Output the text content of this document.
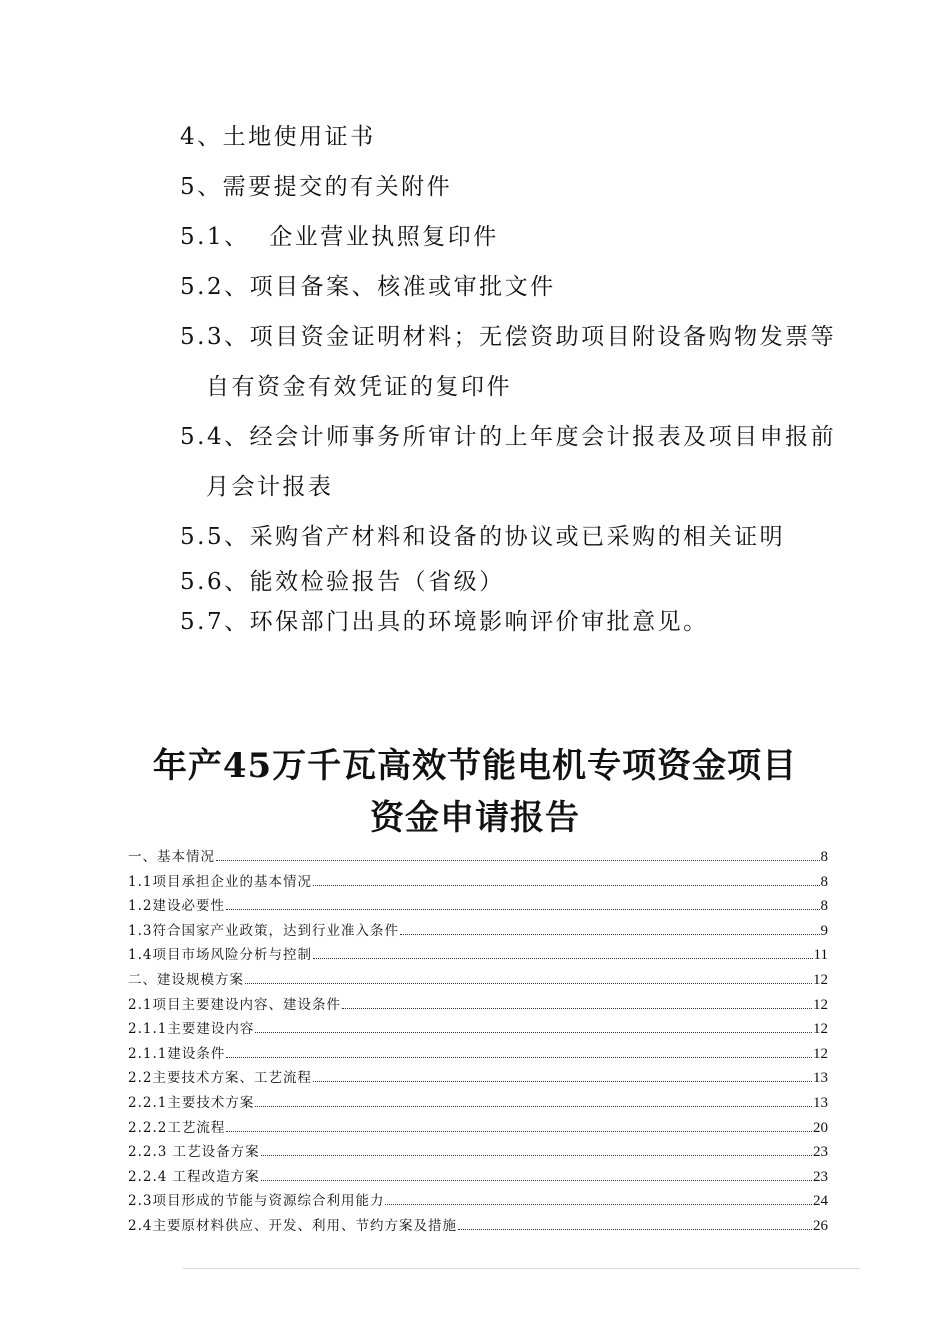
4、土地使用证书
5、需要提交的有关附件
5.1、  企业营业执照复印件
5.2、项目备案、核准或审批文件
5.3、项目资金证明材料；无偿资助项目附设备购物发票等
自有资金有效凭证的复印件
5.4、经会计师事务所审计的上年度会计报表及项目申报前
月会计报表
5.5、采购省产材料和设备的协议或已采购的相关证明
5.6、能效检验报告（省级）
5.7、环保部门出具的环境影响评价审批意见。
年产45万千瓦高效节能电机专项资金项目
资金申请报告
一、基本情况	8
1.1项目承担企业的基本情况	8
1.2建设必要性	8
1.3符合国家产业政策，达到行业准入条件	9
1.4项目市场风险分析与控制	11
二、建设规模方案	12
2.1项目主要建设内容、建设条件	12
2.1.1主要建设内容	12
2.1.1建设条件	12
2.2主要技术方案、工艺流程	13
2.2.1主要技术方案	13
2.2.2工艺流程	20
2.2.3 工艺设备方案	23
2.2.4 工程改造方案	23
2.3项目形成的节能与资源综合利用能力	24
2.4主要原材料供应、开发、利用、节约方案及措施	26
